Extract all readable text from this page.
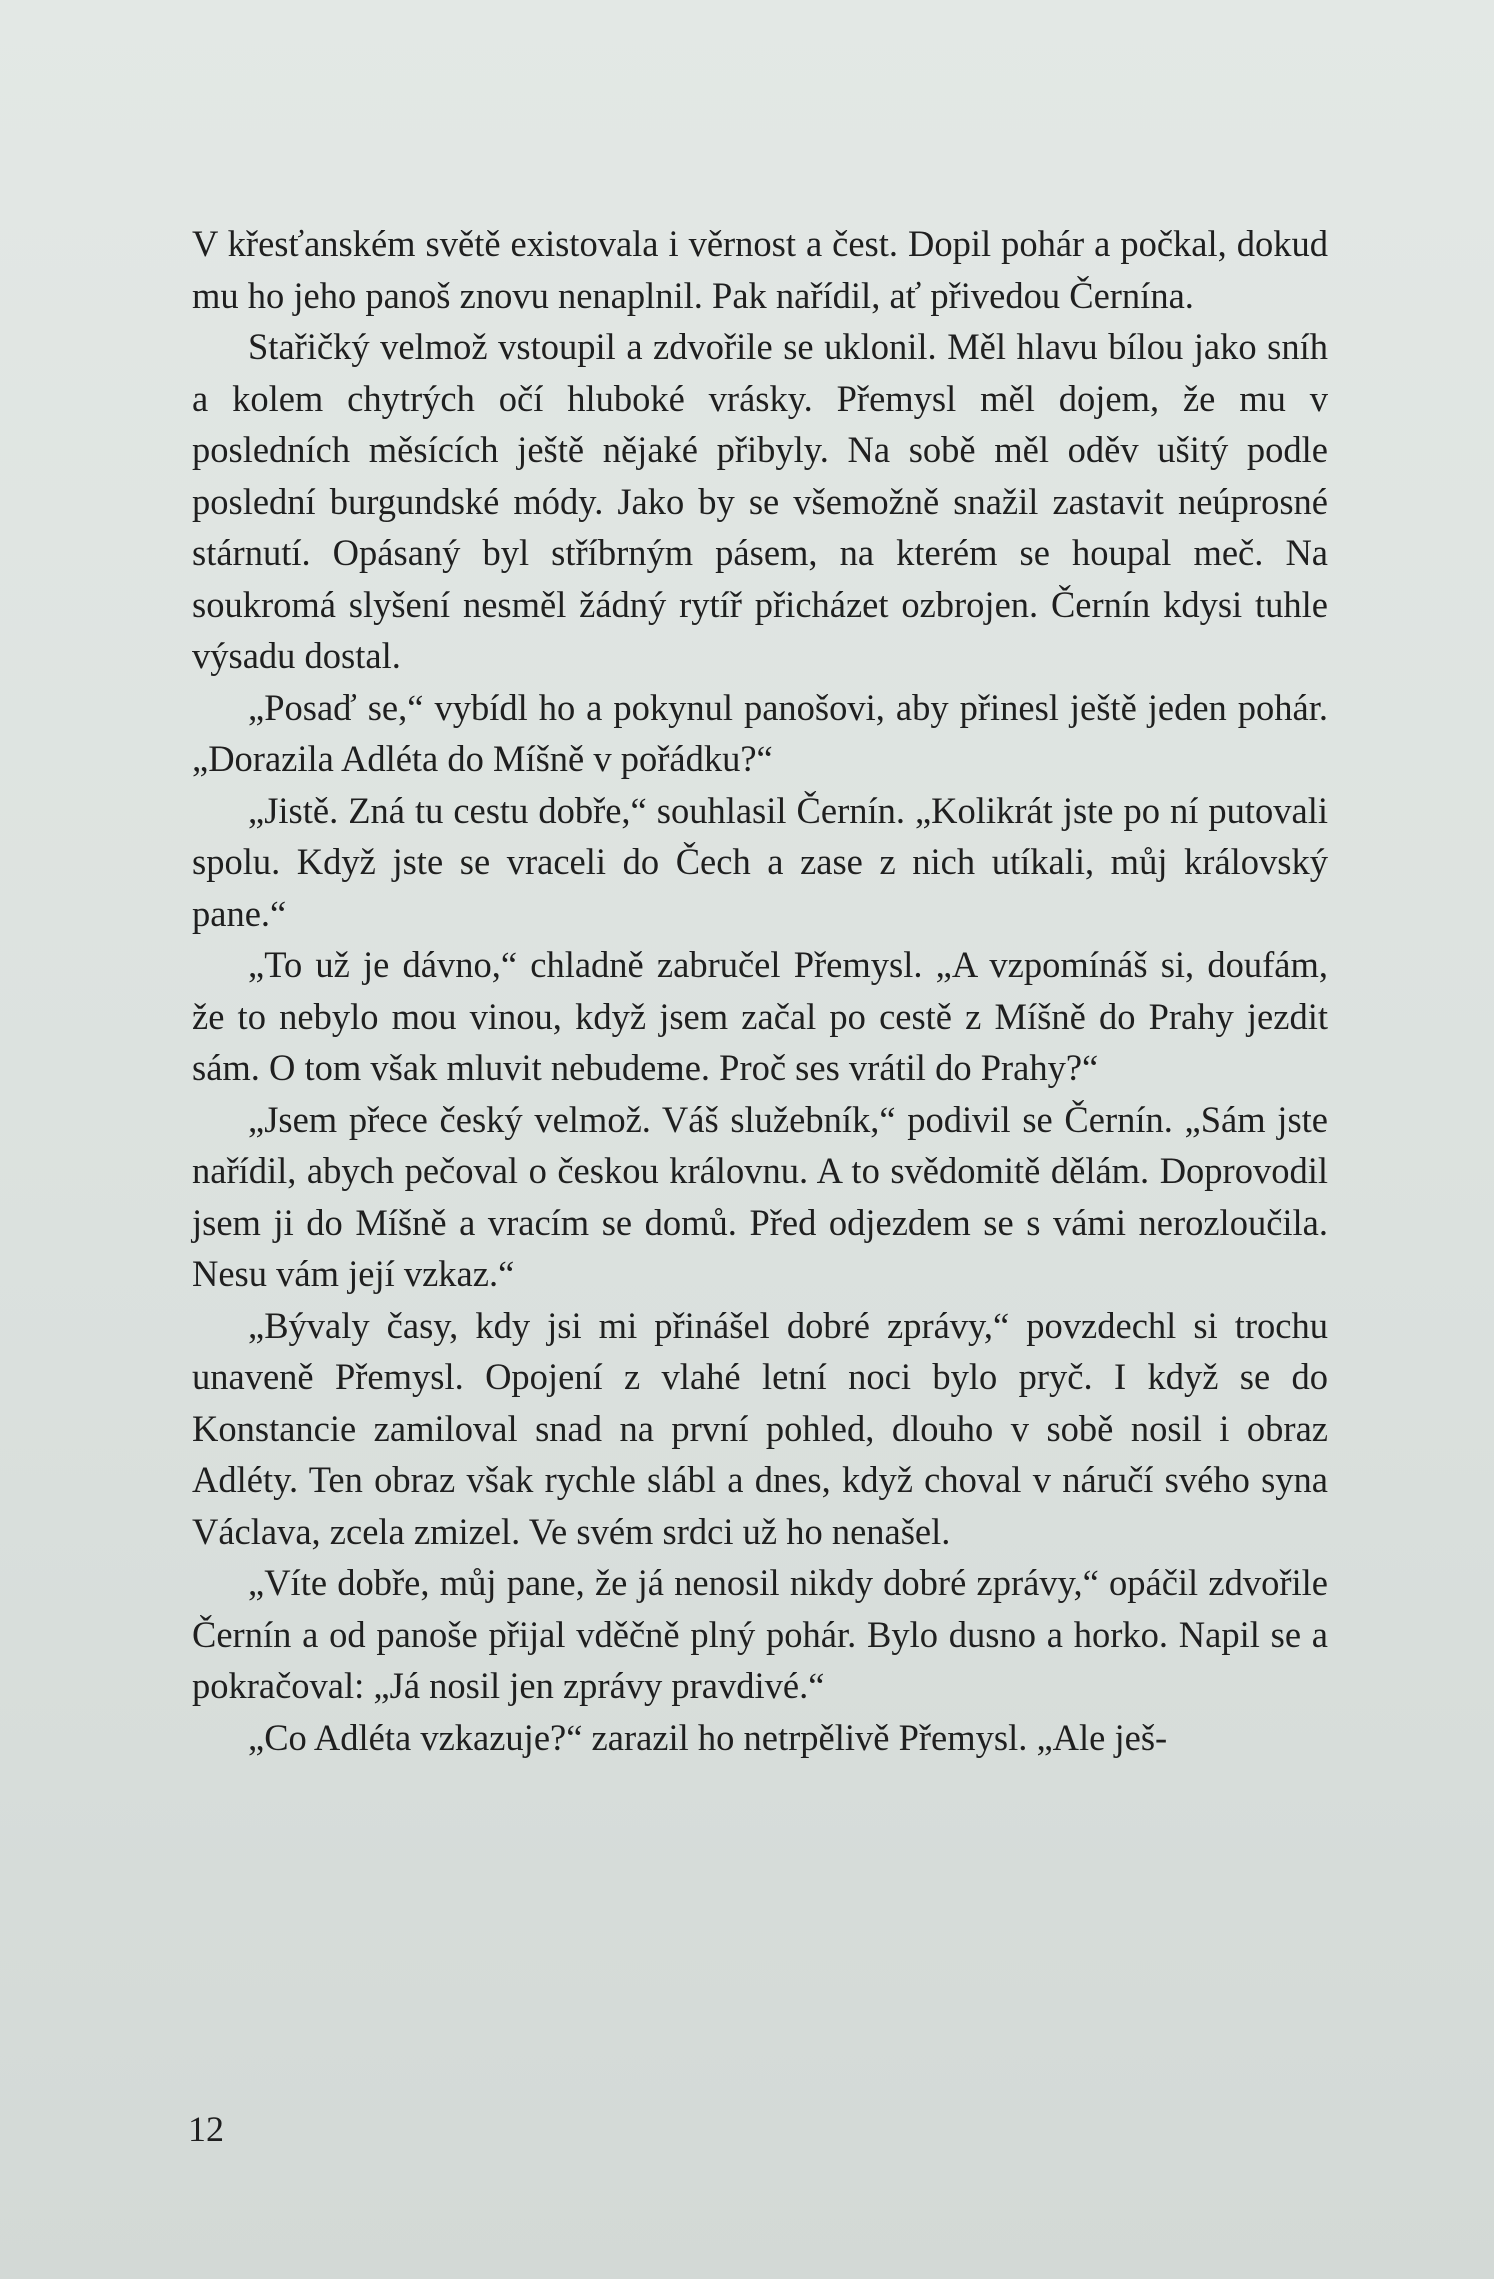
V křesťanském světě existovala i věrnost a čest. Dopil pohár a počkal, dokud mu ho jeho panoš znovu nenaplnil. Pak nařídil, ať přivedou Černína.

Stařičký velmož vstoupil a zdvořile se uklonil. Měl hlavu bílou jako sníh a kolem chytrých očí hluboké vrásky. Přemysl měl dojem, že mu v posledních měsících ještě nějaké přibyly. Na sobě měl oděv ušitý podle poslední burgundské módy. Jako by se všemožně snažil zastavit neúprosné stárnutí. Opásaný byl stříbrným pásem, na kterém se houpal meč. Na soukromá slyšení nesměl žádný rytíř přicházet ozbrojen. Černín kdysi tuhle výsadu dostal.

„Posaď se,“ vybídl ho a pokynul panošovi, aby přinesl ještě jeden pohár. „Dorazila Adléta do Míšně v pořádku?“

„Jistě. Zná tu cestu dobře,“ souhlasil Černín. „Kolikrát jste po ní putovali spolu. Když jste se vraceli do Čech a zase z nich utíkali, můj královský pane.“

„To už je dávno,“ chladně zabručel Přemysl. „A vzpomínáš si, doufám, že to nebylo mou vinou, když jsem začal po cestě z Míšně do Prahy jezdit sám. O tom však mluvit nebudeme. Proč ses vrátil do Prahy?“

„Jsem přece český velmož. Váš služebník,“ podivil se Černín. „Sám jste nařídil, abych pečoval o českou královnu. A to svědomitě dělám. Doprovodil jsem ji do Míšně a vracím se domů. Před odjezdem se s vámi nerozloučila. Nesu vám její vzkaz.“

„Bývaly časy, kdy jsi mi přinášel dobré zprávy,“ povzdechl si trochu unaveně Přemysl. Opojení z vlahé letní noci bylo pryč. I když se do Konstancie zamiloval snad na první pohled, dlouho v sobě nosil i obraz Adléty. Ten obraz však rychle slábl a dnes, když choval v náručí svého syna Václava, zcela zmizel. Ve svém srdci už ho nenašel.

„Víte dobře, můj pane, že já nenosil nikdy dobré zprávy,“ opáčil zdvořile Černín a od panoše přijal vděčně plný pohár. Bylo dusno a horko. Napil se a pokračoval: „Já nosil jen zprávy pravdivé.“

„Co Adléta vzkazuje?“ zarazil ho netrpělivě Přemysl. „Ale ješ-

12
